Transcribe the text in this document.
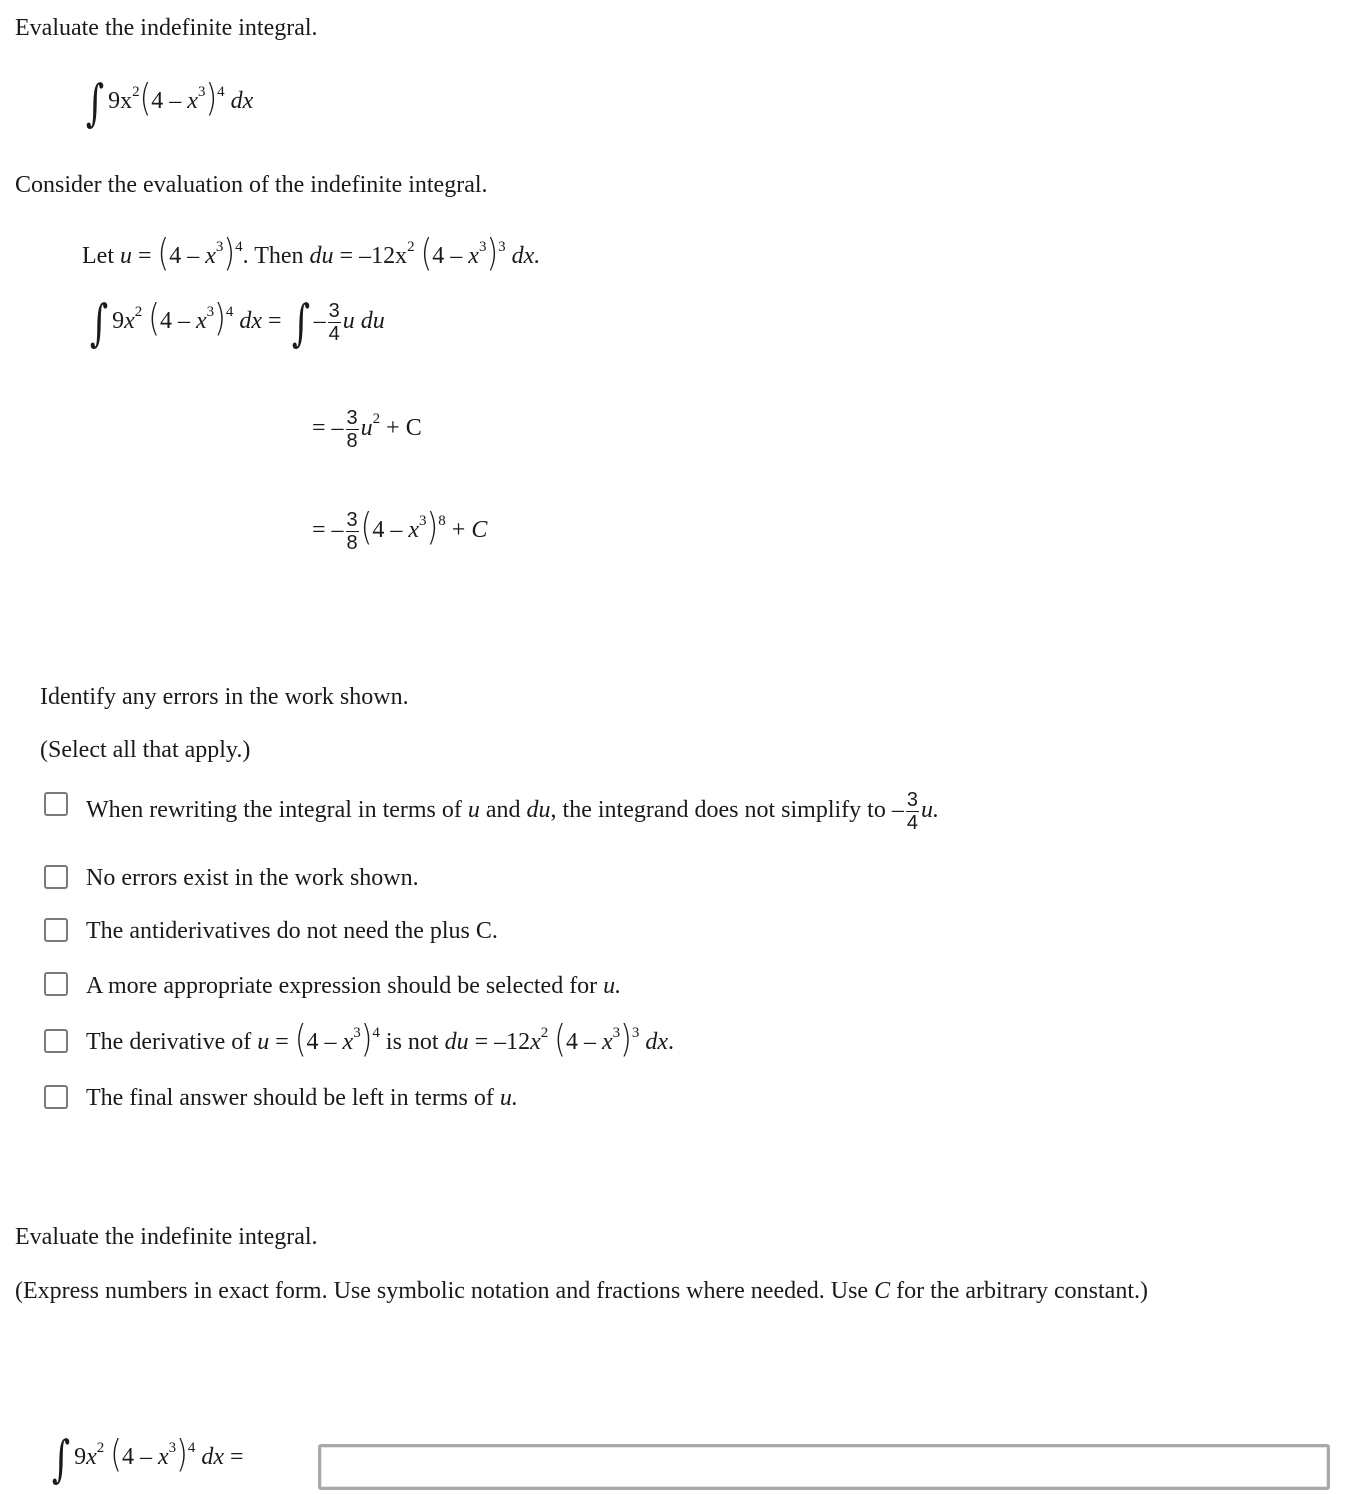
Evaluate the indefinite integral.
∫ $9x^2(4 - x^3)^4$ dx
Consider the evaluation of the indefinite integral.
Let $u = (4 - x^3)^4$. Then du = $-12x^2$ $(4 - x^3)^3$ dx.
∫ $9x^2$ $(4 - x^3)^4$ dx = ∫ – $\frac{3}{4}$ u du
= – $\frac{3}{8} u^2 + C$
= – $\frac{3}{8} (4 - x^3)^8 + C$
Identify any errors in the work shown.
(Select all that apply.)
When rewriting the integral in terms of u and du, the integrand does not simplify to – $\frac{3}{4} u$.
No errors exist in the work shown.
The antiderivatives do not need the plus C.
A more appropriate expression should be selected for u.
The derivative of $u = (4 - x^3)^4$ is not du = $-12x^2$ $(4 - x^3)^3$ dx.
The final answer should be left in terms of u.
Evaluate the indefinite integral.
(Express numbers in exact form. Use symbolic notation and fractions where needed. Use C for the arbitrary constant.)
∫ $9x^2$ $(4 - x^3)^4$ dx =
